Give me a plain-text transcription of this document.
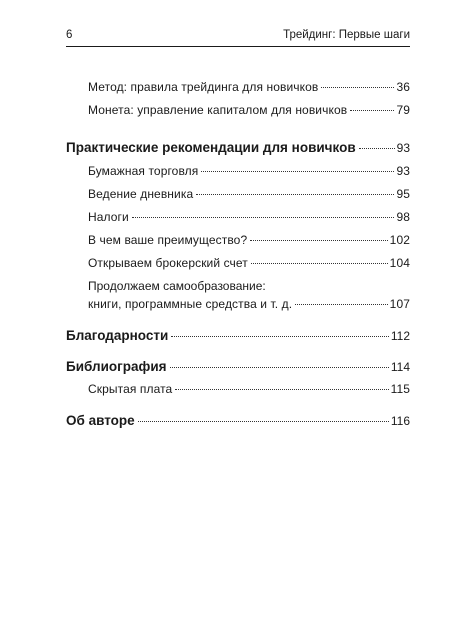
6	Трейдинг: Первые шаги
Метод: правила трейдинга для новичков	36
Монета: управление капиталом для новичков	79
Практические рекомендации для новичков	93
Бумажная торговля	93
Ведение дневника	95
Налоги	98
В чем ваше преимущество?	102
Открываем брокерский счет	104
Продолжаем самообразование:
книги, программные средства и т. д.	107
Благодарности	112
Библиография	114
Скрытая плата	115
Об авторе	116
